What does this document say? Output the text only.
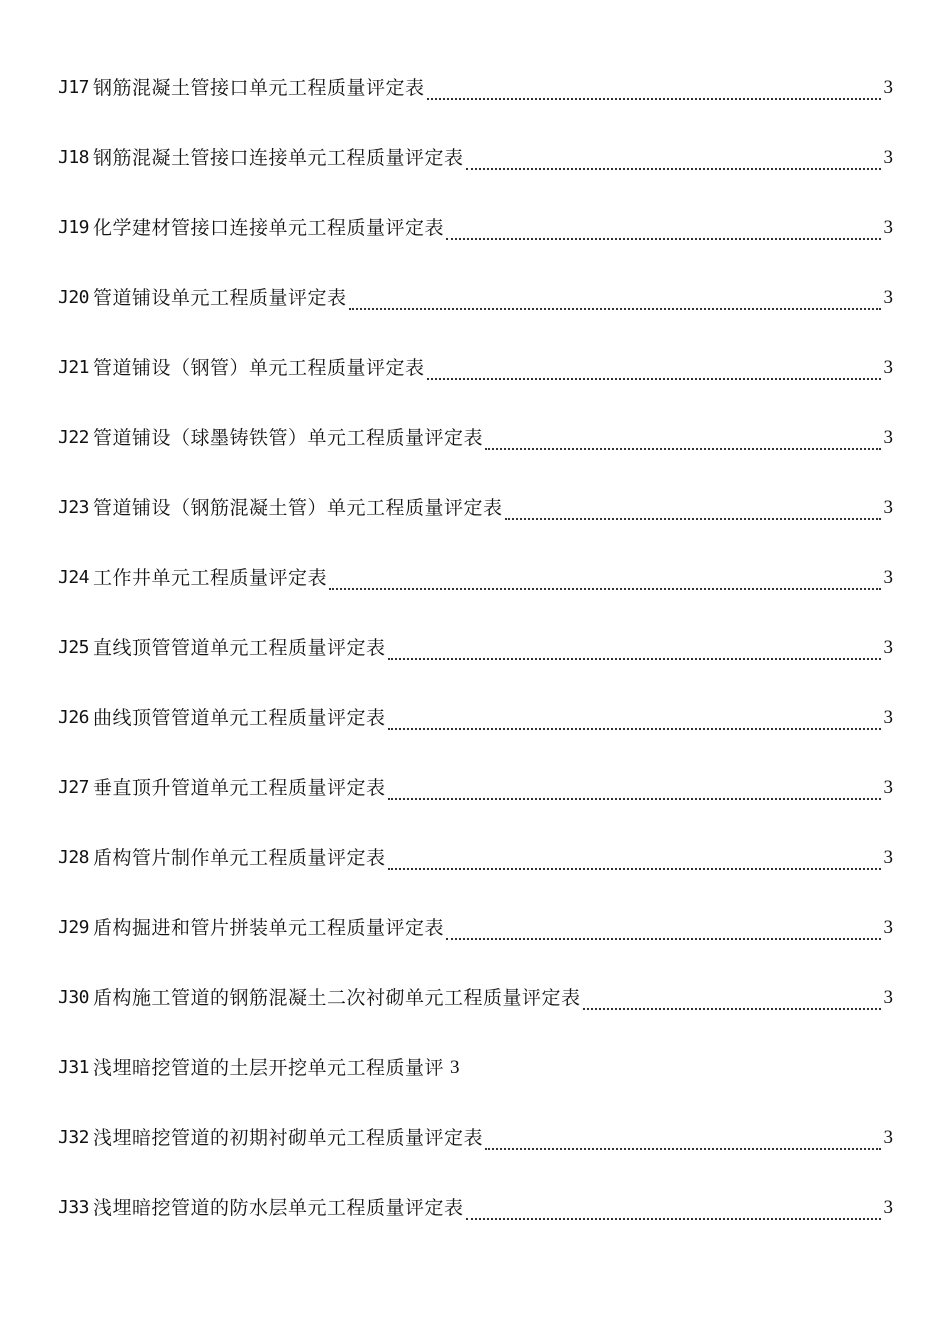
J17 钢筋混凝土管接口单元工程质量评定表	3
J18 钢筋混凝土管接口连接单元工程质量评定表	3
J19 化学建材管接口连接单元工程质量评定表	3
J20 管道铺设单元工程质量评定表	3
J21 管道铺设（钢管）单元工程质量评定表	3
J22 管道铺设（球墨铸铁管）单元工程质量评定表	3
J23 管道铺设（钢筋混凝土管）单元工程质量评定表	3
J24 工作井单元工程质量评定表	3
J25 直线顶管管道单元工程质量评定表	3
J26 曲线顶管管道单元工程质量评定表	3
J27 垂直顶升管道单元工程质量评定表	3
J28 盾构管片制作单元工程质量评定表	3
J29 盾构掘进和管片拼装单元工程质量评定表	3
J30 盾构施工管道的钢筋混凝土二次衬砌单元工程质量评定表	3
J31 浅埋暗挖管道的土层开挖单元工程质量评 3
J32 浅埋暗挖管道的初期衬砌单元工程质量评定表	3
J33 浅埋暗挖管道的防水层单元工程质量评定表	3
